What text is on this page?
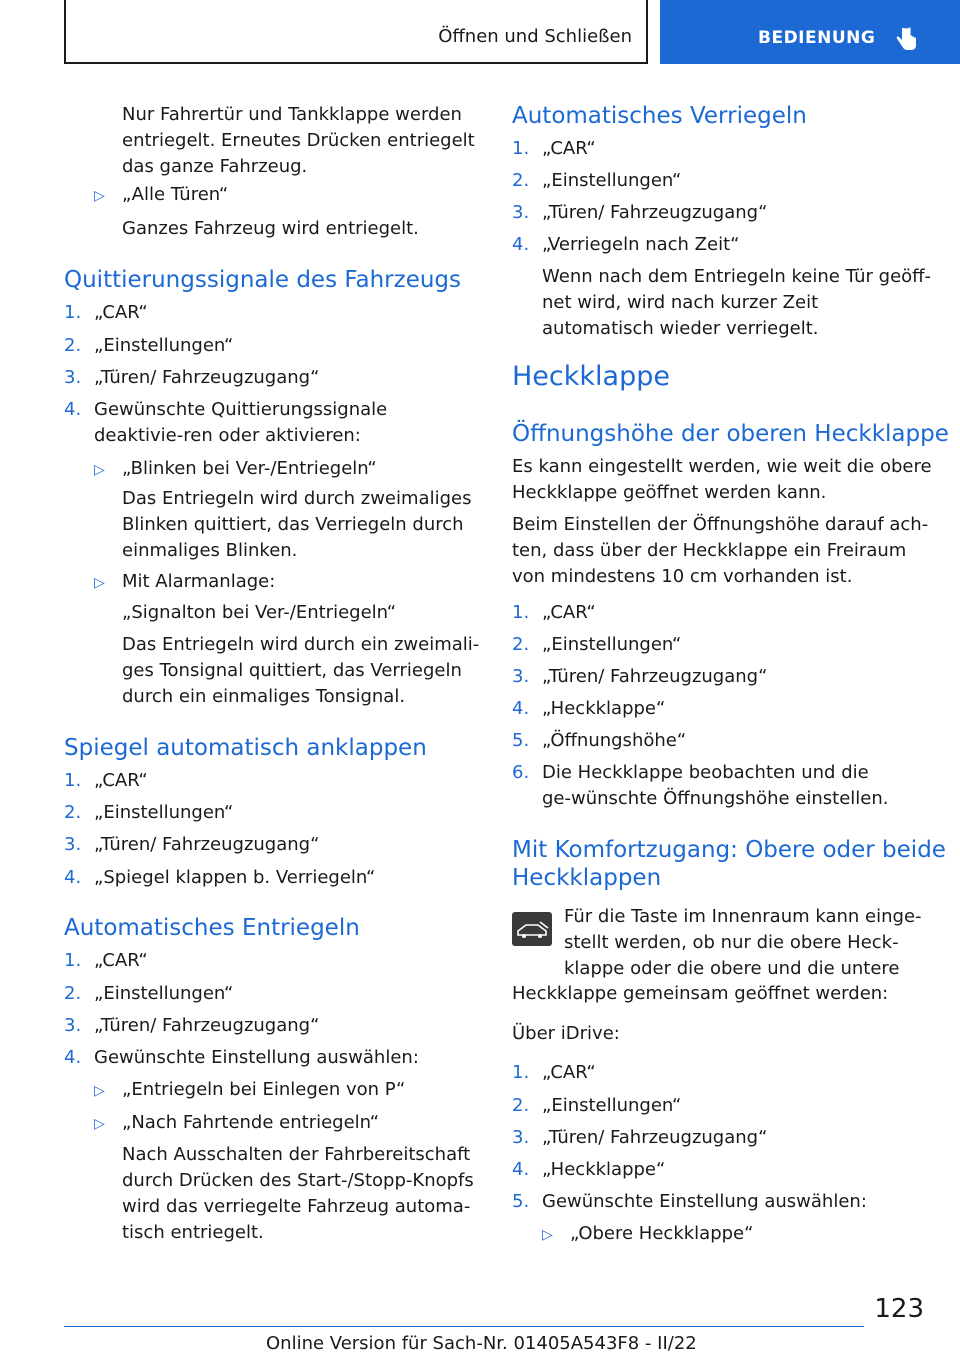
Öffnen und Schließen	BEDIENUNG
Nur Fahrertür und Tankklappe werden entriegelt. Erneutes Drücken entriegelt das ganze Fahrzeug.
▷ „Alle Türen“
Ganzes Fahrzeug wird entriegelt.
Quittierungssignale des Fahrzeugs
1. „CAR“
2. „Einstellungen“
3. „Türen/ Fahrzeugzugang“
4. Gewünschte Quittierungssignale deaktivie-ren oder aktivieren:
▷ „Blinken bei Ver-/Entriegeln“
Das Entriegeln wird durch zweimaliges Blinken quittiert, das Verriegeln durch einmaliges Blinken.
▷ Mit Alarmanlage:
„Signalton bei Ver-/Entriegeln“
Das Entriegeln wird durch ein zweimali-ges Tonsignal quittiert, das Verriegeln durch ein einmaliges Tonsignal.
Spiegel automatisch anklappen
1. „CAR“
2. „Einstellungen“
3. „Türen/ Fahrzeugzugang“
4. „Spiegel klappen b. Verriegeln“
Automatisches Entriegeln
1. „CAR“
2. „Einstellungen“
3. „Türen/ Fahrzeugzugang“
4. Gewünschte Einstellung auswählen:
▷ „Entriegeln bei Einlegen von P“
▷ „Nach Fahrtende entriegeln“
Nach Ausschalten der Fahrbereitschaft durch Drücken des Start-/Stopp-Knopfs wird das verriegelte Fahrzeug automa-tisch entriegelt.
Automatisches Verriegeln
1. „CAR“
2. „Einstellungen“
3. „Türen/ Fahrzeugzugang“
4. „Verriegeln nach Zeit“
Wenn nach dem Entriegeln keine Tür geöff-net wird, wird nach kurzer Zeit automatisch wieder verriegelt.
Heckklappe
Öffnungshöhe der oberen Heckklappe
Es kann eingestellt werden, wie weit die obere Heckklappe geöffnet werden kann.
Beim Einstellen der Öffnungshöhe darauf ach-ten, dass über der Heckklappe ein Freiraum von mindestens 10 cm vorhanden ist.
1. „CAR“
2. „Einstellungen“
3. „Türen/ Fahrzeugzugang“
4. „Heckklappe“
5. „Öffnungshöhe“
6. Die Heckklappe beobachten und die ge-wünschte Öffnungshöhe einstellen.
Mit Komfortzugang: Obere oder beide
Heckklappen
Für die Taste im Innenraum kann einge-stellt werden, ob nur die obere Heck-klappe oder die obere und die untere
Heckklappe gemeinsam geöffnet werden:
Über iDrive:
1. „CAR“
2. „Einstellungen“
3. „Türen/ Fahrzeugzugang“
4. „Heckklappe“
5. Gewünschte Einstellung auswählen:
▷ „Obere Heckklappe“
123
Online Version für Sach-Nr. 01405A543F8 - II/22
